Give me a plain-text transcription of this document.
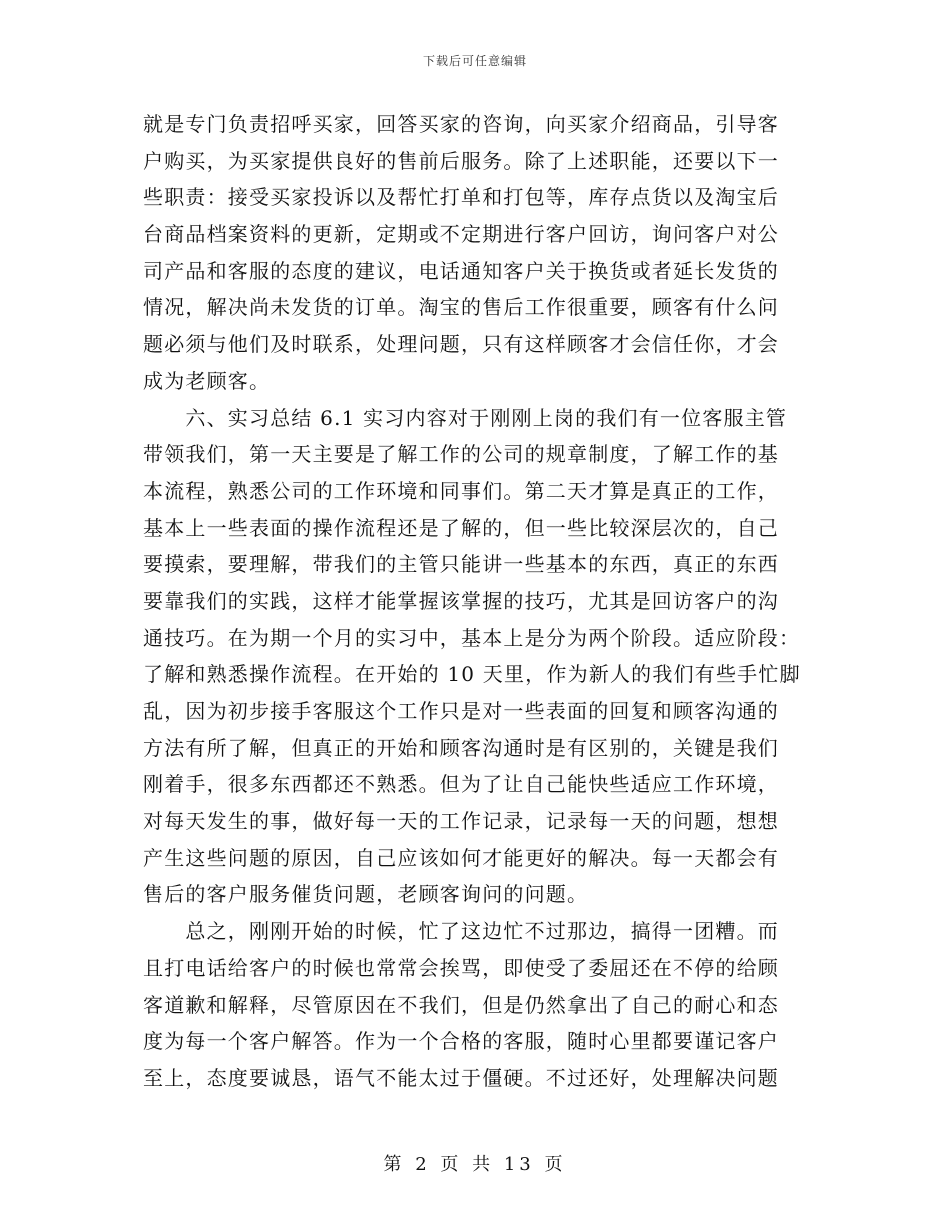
下载后可任意编辑
就是专门负责招呼买家，回答买家的咨询，向买家介绍商品，引导客
户购买，为买家提供良好的售前后服务。除了上述职能，还要以下一
些职责：接受买家投诉以及帮忙打单和打包等，库存点货以及淘宝后
台商品档案资料的更新，定期或不定期进行客户回访，询问客户对公
司产品和客服的态度的建议，电话通知客户关于换货或者延长发货的
情况，解决尚未发货的订单。淘宝的售后工作很重要，顾客有什么问
题必须与他们及时联系，处理问题，只有这样顾客才会信任你，才会
成为老顾客。
　　六、实习总结 6.1 实习内容对于刚刚上岗的我们有一位客服主管
带领我们，第一天主要是了解工作的公司的规章制度，了解工作的基
本流程，熟悉公司的工作环境和同事们。第二天才算是真正的工作，
基本上一些表面的操作流程还是了解的，但一些比较深层次的，自己
要摸索，要理解，带我们的主管只能讲一些基本的东西，真正的东西
要靠我们的实践，这样才能掌握该掌握的技巧，尤其是回访客户的沟
通技巧。在为期一个月的实习中，基本上是分为两个阶段。适应阶段：
了解和熟悉操作流程。在开始的 10 天里，作为新人的我们有些手忙脚
乱，因为初步接手客服这个工作只是对一些表面的回复和顾客沟通的
方法有所了解，但真正的开始和顾客沟通时是有区别的，关键是我们
刚着手，很多东西都还不熟悉。但为了让自己能快些适应工作环境，
对每天发生的事，做好每一天的工作记录，记录每一天的问题，想想
产生这些问题的原因，自己应该如何才能更好的解决。每一天都会有
售后的客户服务催货问题，老顾客询问的问题。
　　总之，刚刚开始的时候，忙了这边忙不过那边，搞得一团糟。而
且打电话给客户的时候也常常会挨骂，即使受了委屈还在不停的给顾
客道歉和解释，尽管原因在不我们，但是仍然拿出了自己的耐心和态
度为每一个客户解答。作为一个合格的客服，随时心里都要谨记客户
至上，态度要诚恳，语气不能太过于僵硬。不过还好，处理解决问题
第 2 页 共 13 页
